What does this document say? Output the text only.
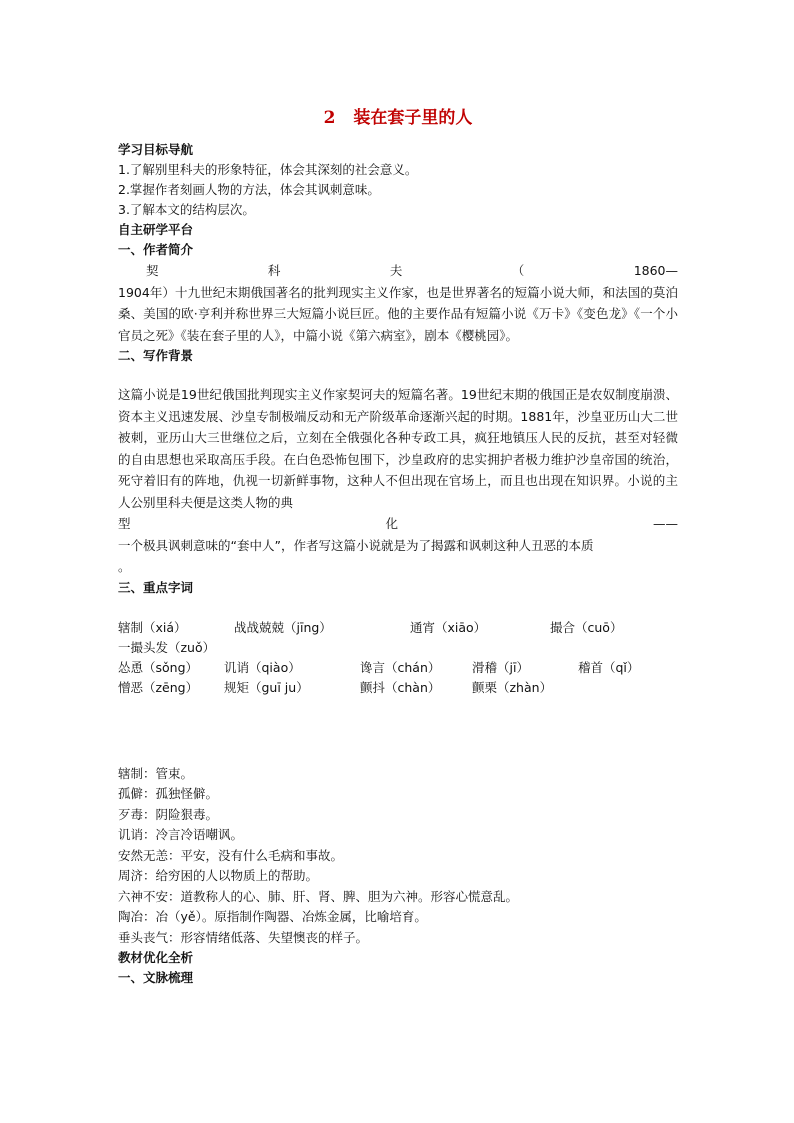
2 装在套子里的人

学习目标导航

1.了解别里科夫的形象特征，体会其深刻的社会意义。

2.掌握作者刻画人物的方法，体会其讽刺意味。

3.了解本文的结构层次。

自主研学平台

一、作者简介

契	科	夫	（	1860—

1904年）十九世纪末期俄国著名的批判现实主义作家，也是世界著名的短篇小说大师，和法国的莫泊桑、美国的欧·亨利并称世界三大短篇小说巨匠。他的主要作品有短篇小说《万卡》《变色龙》《一个小官员之死》《装在套子里的人》，中篇小说《第六病室》，剧本《樱桃园》。

二、写作背景

这篇小说是19世纪俄国批判现实主义作家契诃夫的短篇名著。19世纪末期的俄国正是农奴制度崩溃、资本主义迅速发展、沙皇专制极端反动和无产阶级革命逐渐兴起的时期。1881年，沙皇亚历山大二世被刺，亚历山大三世继位之后，立刻在全俄强化各种专政工具，疯狂地镇压人民的反抗，甚至对轻微的自由思想也采取高压手段。在白色恐怖包围下，沙皇政府的忠实拥护者极力维护沙皇帝国的统治，死守着旧有的阵地，仇视一切新鲜事物，这种人不但出现在官场上，而且也出现在知识界。小说的主人公别里科夫便是这类人物的典

型	化	——

一个极具讽刺意味的“套中人”，作者写这篇小说就是为了揭露和讽刺这种人丑恶的本质

。

三、重点字词

辖制（xiá）	战战兢兢（jīng）	通宵（xiāo）	撮合（cuō）

一撮头发（zuǒ）

怂恿（sǒng）	讥诮（qiào）	谗言（chán）	滑稽（jī）	稽首（qǐ）
憎恶（zēng）	规矩（guī ju）	颤抖（chàn）	颤栗（zhàn）

辖制：管束。

孤僻：孤独怪僻。

歹毒：阴险狠毒。

讥诮：冷言冷语嘲讽。

安然无恙：平安，没有什么毛病和事故。

周济：给穷困的人以物质上的帮助。

六神不安：道教称人的心、肺、肝、肾、脾、胆为六神。形容心慌意乱。

陶冶：冶（yě）。原指制作陶器、冶炼金属，比喻培育。

垂头丧气：形容情绪低落、失望懊丧的样子。

教材优化全析

一、文脉梳理
